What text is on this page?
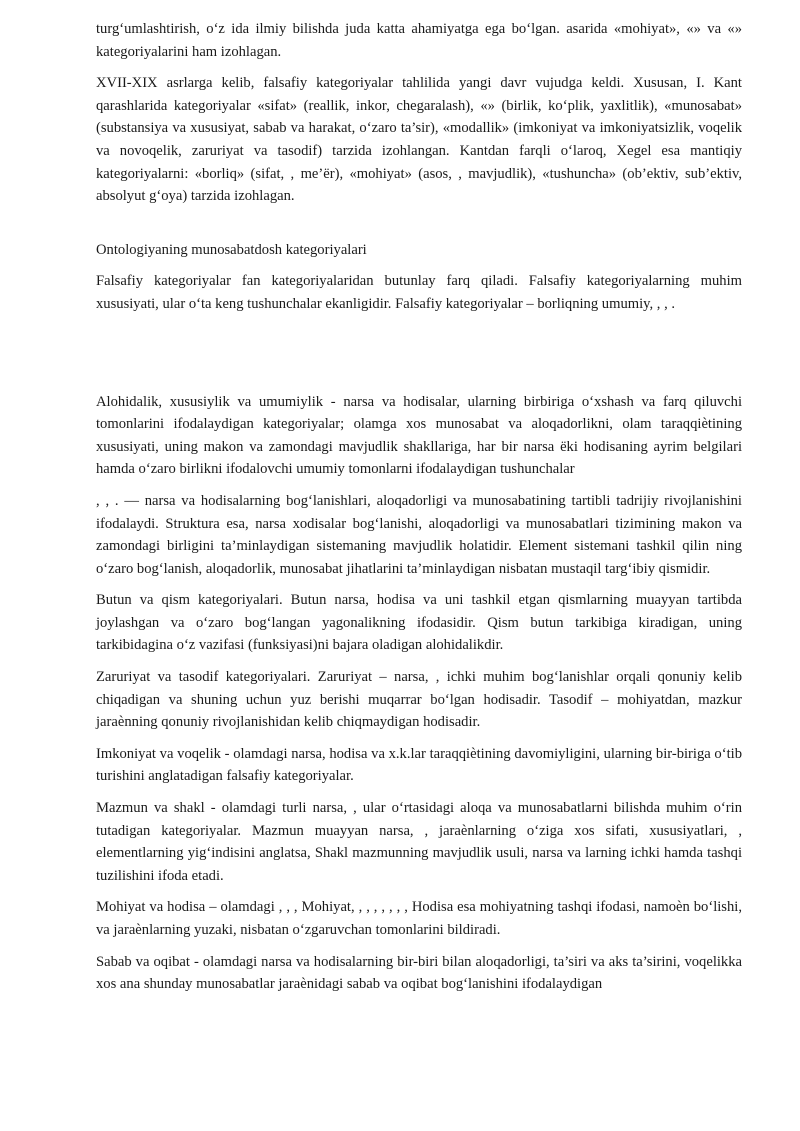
turg‘umlashtirish, o‘z ida ilmiy bilishda juda katta ahamiyatga ega bo‘lgan. asarida «mohiyat», «» va «» kategoriyalarini ham izohlagan.

XVII-XIX asrlarga kelib, falsafiy kategoriyalar tahlilida yangi davr vujudga keldi. Xususan, I. Kant qarashlarida kategoriyalar «sifat» (reallik, inkor, chegaralash), «» (birlik, ko‘plik, yaxlitlik), «munosabat» (substansiya va xususiyat, sabab va harakat, o‘zaro ta’sir), «modallik» (imkoniyat va imkoniyatsizlik, voqelik va novoqelik, zaruriyat va tasodif) tarzida izohlangan. Kantdan farqli o‘laroq, Xegel esa mantiqiy kategoriyalarni: «borliq» (sifat, , me’ёr), «mohiyat» (asos, , mavjudlik), «tushuncha» (ob’ektiv, sub’ektiv, absolyut g‘oya) tarzida izohlagan.

Ontologiyaning munosabatdosh kategoriyalari

Falsafiy kategoriyalar fan kategoriyalaridan butunlay farq qiladi. Falsafiy kategoriyalarning muhim xususiyati, ular o‘ta keng tushunchalar ekanligidir. Falsafiy kategoriyalar – borliqning umumiy, , , .

Alohidalik, xususiylik va umumiylik - narsa va hodisalar, ularning birbiriga o‘xshash va farq qiluvchi tomonlarini ifodalaydigan kategoriyalar; olamga xos munosabat va aloqadorlikni, olam taraqqiètining xususiyati, uning makon va zamondagi mavjudlik shakllariga, har bir narsa ёki hodisaning ayrim belgilari hamda o‘zaro birlikni ifodalovchi umumiy tomonlarni ifodalaydigan tushunchalar

, , . — narsa va hodisalarning bog‘lanishlari, aloqadorligi va munosabatining tartibli tadrijiy rivojlanishini ifodalaydi. Struktura esa, narsa xodisalar bog‘lanishi, aloqadorligi va munosabatlari tizimining makon va zamondagi birligini ta’minlaydigan sistemaning mavjudlik holatidir. Element sistemani tashkil qilin ning o‘zaro bog‘lanish, aloqadorlik, munosabat jihatlarini ta’minlaydigan nisbatan mustaqil targ‘ibiy qismidir.

Butun va qism kategoriyalari. Butun narsa, hodisa va uni tashkil etgan qismlarning muayyan tartibda joylashgan va o‘zaro bog‘langan yagonalikning ifodasidir. Qism butun tarkibiga kiradigan, uning tarkibidagina o‘z vazifasi (funksiyasi)ni bajara oladigan alohidalikdir.

Zaruriyat va tasodif kategoriyalari. Zaruriyat – narsa, , ichki muhim bog‘lanishlar orqali qonuniy kelib chiqadigan va shuning uchun yuz berishi muqarrar bo‘lgan hodisadir. Tasodif – mohiyatdan, mazkur jaraènning qonuniy rivojlanishidan kelib chiqmaydigan hodisadir.

Imkoniyat va voqelik - olamdagi narsa, hodisa va x.k.lar taraqqiètining davomiyligini, ularning bir-biriga o‘tib turishini anglatadigan falsafiy kategoriyalar.

Mazmun va shakl - olamdagi turli narsa, , ular o‘rtasidagi aloqa va munosabatlarni bilishda muhim o‘rin tutadigan kategoriyalar. Mazmun muayyan narsa, , jaraènlarning o‘ziga xos sifati, xususiyatlari, , elementlarning yig‘indisini anglatsa, Shakl mazmunning mavjudlik usuli, narsa va larning ichki hamda tashqi tuzilishini ifoda etadi.

Mohiyat va hodisa – olamdagi , , , Mohiyat, , , , , , , , Hodisa esa mohiyatning tashqi ifodasi, namoèn bo‘lishi, va jaraènlarning yuzaki, nisbatan o‘zgaruvchan tomonlarini bildiradi.

Sabab va oqibat - olamdagi narsa va hodisalarning bir-biri bilan aloqadorligi, ta’siri va aks ta’sirini, voqelikka xos ana shunday munosabatlar jaraènidagi sabab va oqibat bog‘lanishini ifodalaydigan
